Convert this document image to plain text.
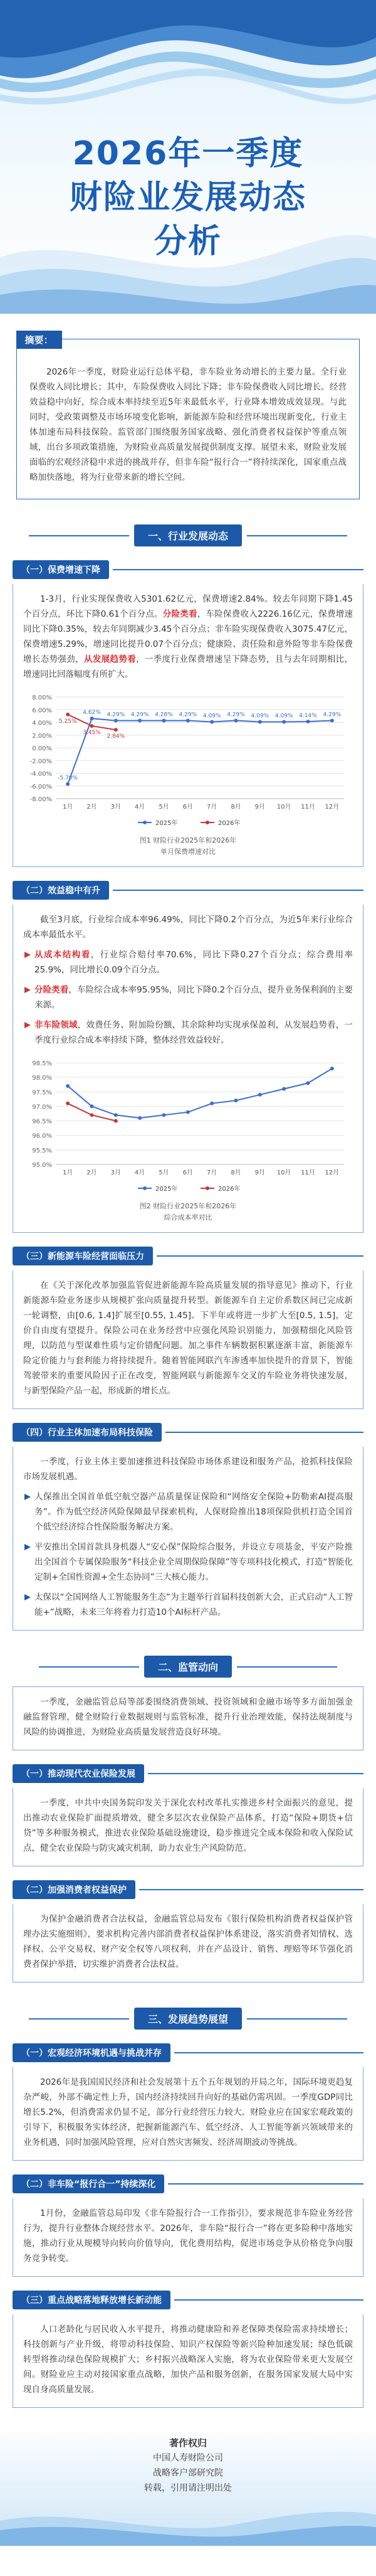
2026年一季度财险业发展动态分析
摘要：

2026年一季度，财险业运行总体平稳，非车险业务动增长的主要力量。全行业保费收入同比增长；其中，车险保费收入同比下降；非车险保费收入同比增长。经营效益稳中向好，综合成本率持续至近5年来最低水平，行业降本增效成效显现。与此同时，受政策调整及市场环境变化影响，新能源车险和经营环境出现新变化，行业主体加速布局科技保险。监管部门围绕服务国家战略、强化消费者权益保护等重点领域，出台多项政策措施，为财险业高质量发展提供制度支撑。展望未来，财险业发展面临的宏观经济稳中求进的挑战并存，但非车险“报行合一”将持续深化，国家重点战略加快落地，将为行业带来新的增长空间。

一、行业发展动态
（一）保费增速下降

1-3月，行业实现保费收入5301.62亿元，保费增速2.84%。较去年同期下降1.45个百分点，环比下降0.61个百分点。分险类看，车险保费收入2226.16亿元，保费增速同比下降0.35%，较去年同期减少3.45个百分点；非车险实现保费收入3075.47亿元，保费增速5.29%，增速同比提升0.07个百分点；健康险、责任险和意外险等非车险保费增长态势强劲，从发展趋势看，一季度行业保费增速呈下降态势，且与去年同期相比，增速同比回落幅度有所扩大。

-8.00%
-6.00%
-4.00%
-2.00%
0.00%
2.00%
4.00%
6.00%
8.00%
1月 2月 3月 4月 5月 6月 7月 8月 9月 10月 11月 12月
-5.70%
4.62% 4.29% 4.29% 4.28% 4.29% 4.09% 4.29% 4.09% 4.09% 4.14% 4.29%
5.25%
3.45%
2.84%
2025年	2026年
图1 财险行业2025年和2026年
单月保费增速对比
（二）效益稳中有升

截至3月底，行业综合成本率96.49%，同比下降0.2个百分点，为近5年来行业综合成本率最低水平。

从成本结构看，行业综合赔付率70.6%，同比下降0.27个百分点；综合费用率25.9%，同比增长0.09个百分点。

分险类看，车险综合成本率95.95%，同比下降0.2个百分点，提升业务保利润的主要来源。

非车险领域，效费任务、附加险份额，其余除种均实现承保盈利，从发展趋势看，一季度行业综合成本率持续下降，整体经营效益较好。

95.0%
95.5%
96.0%
96.5%
97.0%
97.5%
98.0%
98.5%
1月 2月 3月 4月 5月 6月 7月 8月 9月 10月 11月 12月
2025年	2026年
图2 财险行业2025年和2026年
综合成本率对比
（三）新能源车险经营面临压力

在《关于深化改革加强监管促进新能源车险高质量发展的指导意见》推动下，行业新能源车险业务逐步从规模扩张向质量提升转型。新能源车自主定价系数区间已完成新一轮调整，由[0.6, 1.4]扩展至[0.55, 1.45]。下半年或将进一步扩大至[0.5, 1.5]，定价自由度有望提升。保险公司在业务经营中应强化风险识别能力，加强精细化风险管理，以防范与型谋难性质与定价错配问题。加之事件车辆数据积累逐渐丰富，新能源车险定价能力与套利能力将持续提升。随着智能网联汽车渗透率加快提升的背景下，智能驾驶带来的重要风险因子正在改变，智能网联与新能源车交叉的车险业务将快速发展，与新型保险产品一起，形成新的增长点。

（四）行业主体加速布局科技保险

一季度，行业主体主要加速推进科技保险市场体系建设和服务产品，抢抓科技保险市场发展机遇。

人保推出全国首单低空航空器产品质量保证保险和“网络安全保险+防勒索AI提高服务”。作为低空经济风险保障最早探索机构，人保财险推出18项保险供机打造全国首个低空经济综合性保险服务解决方案。

平安推出全国首款具身机器人“安心保”保险综合服务，并设立专项基金，平安产险推出全国首个专属保险服务“科技企业全周期保险保障”等专项科技化模式，打造“智能化定制+全国性资源+全生态协同”三大核心能力。

太保以“全国网络人工智能服务生态”为主题举行首届科技创新大会，正式启动“人工智能+”战略，未来三年将着力打造10个AI标杆产品。

二、监管动向

一季度，金融监管总局等部委围绕消费领域、投资领域和金融市场等多方面加强金融监督管理，健全财险行业数据规则与监管标准，提升行业治理效能，保持法规制度与风险的协调推进，为财险业高质量发展营造良好环境。

（一）推动现代农业保险发展

一季度，中共中央国务院印发关于深化农村改革扎实推进乡村全面振兴的意见，提出推动农业保险扩面提质增效，健全多层次农业保险产品体系，打造“保险+期货+信贷”等多种服务模式，推进农业保险基础设施建设，稳步推进完全成本保险和收入保险试点，健全农业保险与防灾减灾机制，助力农业生产风险防范。

（二）加强消费者权益保护

为保护金融消费者合法权益，金融监管总局发布《银行保险机构消费者权益保护管理办法实施细则》，要求机构完善内部消费者权益保护体系建设，落实消费者知情权、选择权、公平交易权、财产安全权等八项权利，并在产品设计、销售、理赔等环节强化消费者保护举措，切实维护消费者合法权益。

三、发展趋势展望
（一）宏观经济环境机遇与挑战并存

2026年是我国国民经济和社会发展第十五个五年规划的开局之年，国际环境更趋复杂严峻，外部不确定性上升，国内经济持续回升向好的基础仍需巩固。一季度GDP同比增长5.2%，但消费需求仍显不足，部分行业经营压力较大。财险业应在国家宏观政策的引导下，积极服务实体经济，把握新能源汽车、低空经济、人工智能等新兴领域带来的业务机遇，同时加强风险管理，应对自然灾害频发、经济周期波动等挑战。

（二）非车险“报行合一”持续深化

1月份，金融监管总局印发《非车险报行合一工作指引》，要求规范非车险业务经营行为，提升行业整体合规经营水平。2026年，非车险“报行合一”将在更多险种中落地实施，推动行业从规模导向转向价值导向，优化费用结构，促进市场竞争从价格竞争向服务竞争转变。

（三）重点战略落地释放增长新动能

人口老龄化与居民收入水平提升，将推动健康险和养老保障类保险需求持续增长；科技创新与产业升级，将带动科技保险、知识产权保险等新兴险种加速发展；绿色低碳转型将推动绿色保险规模扩大；乡村振兴战略深入实施，将为农业保险带来更大发展空间。财险业应主动对接国家重点战略，加快产品和服务创新，在服务国家发展大局中实现自身高质量发展。

著作权归
中国人寿财险公司
战略客户部研究院
转载，引用请注明出处
